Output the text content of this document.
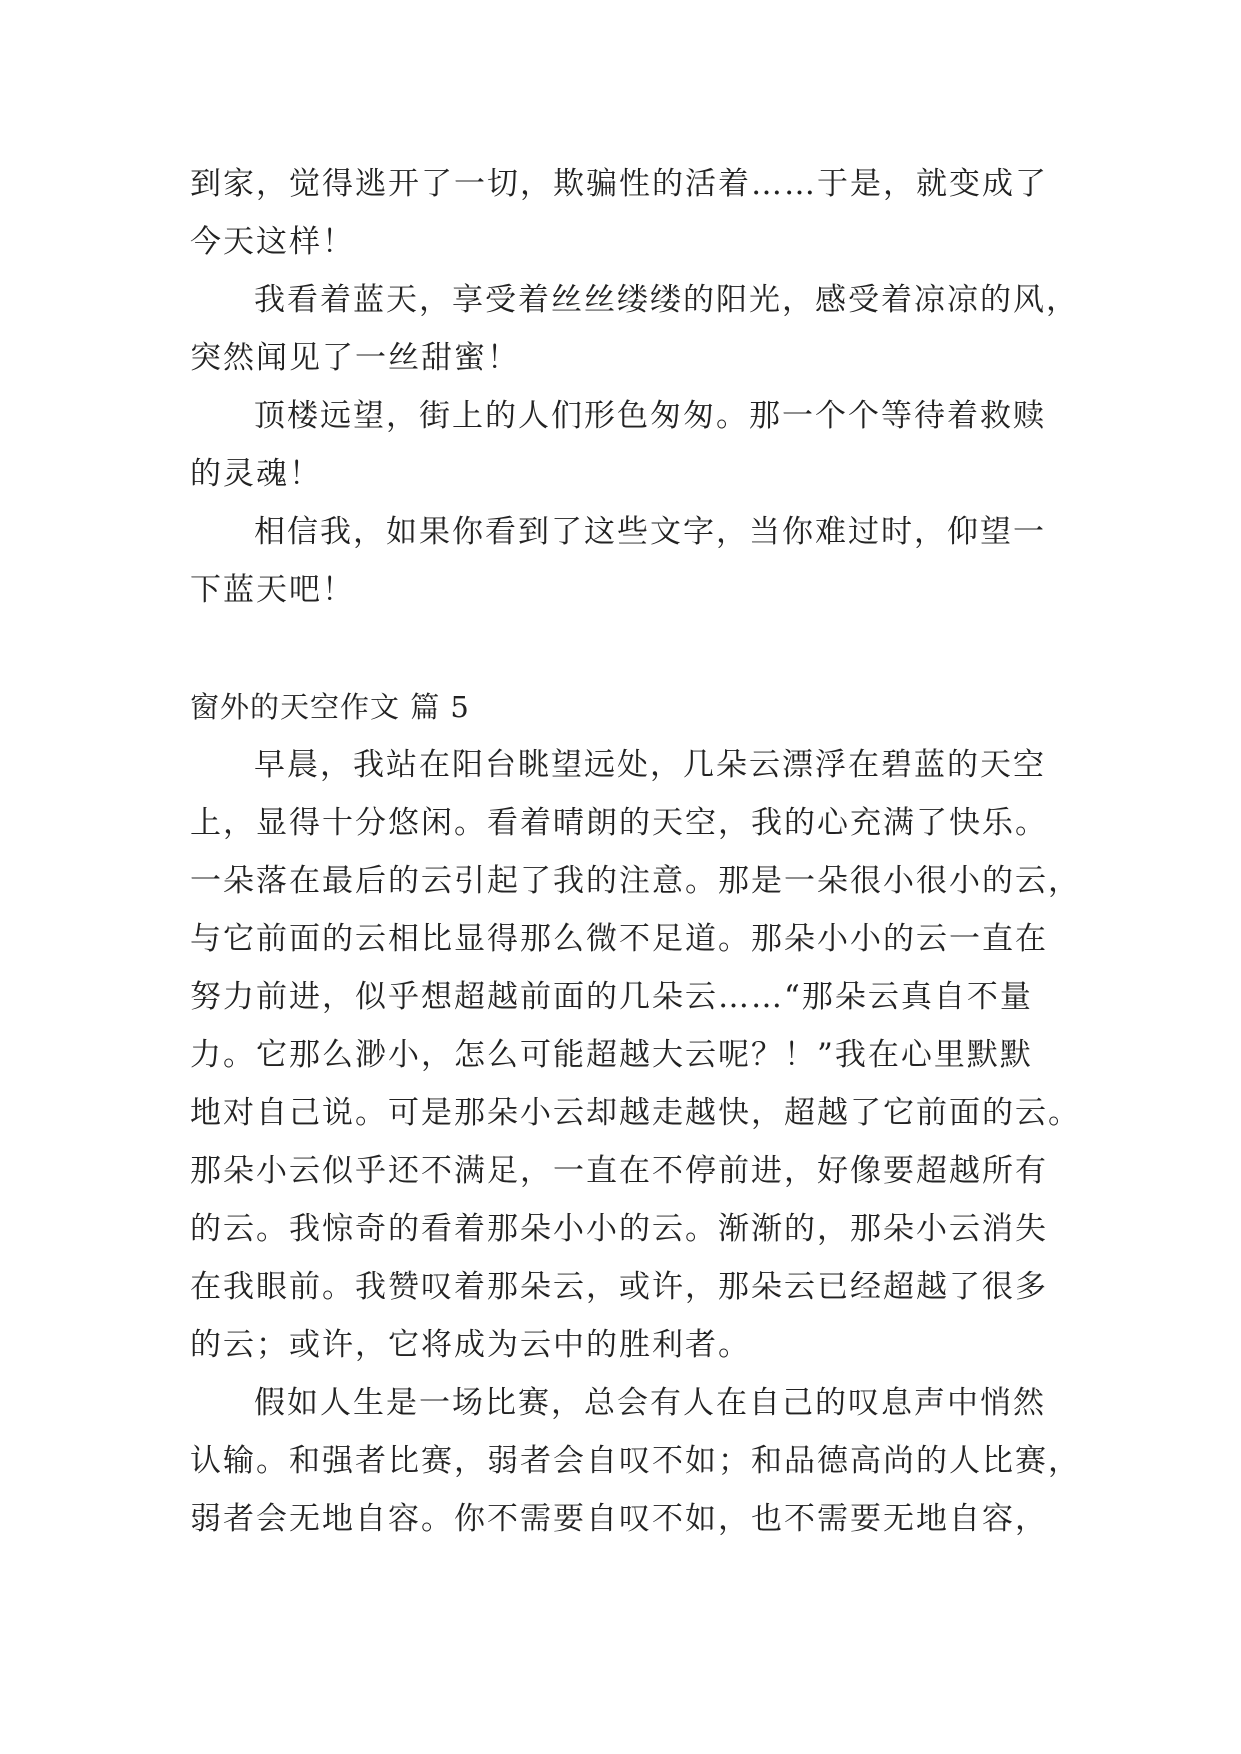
到家，觉得逃开了一切，欺骗性的活着……于是，就变成了
今天这样！
我看着蓝天，享受着丝丝缕缕的阳光，感受着凉凉的风，
突然闻见了一丝甜蜜！
顶楼远望，街上的人们形色匆匆。那一个个等待着救赎
的灵魂！
相信我，如果你看到了这些文字，当你难过时，仰望一
下蓝天吧！
窗外的天空作文 篇 5
早晨，我站在阳台眺望远处，几朵云漂浮在碧蓝的天空
上，显得十分悠闲。看着晴朗的天空，我的心充满了快乐。
一朵落在最后的云引起了我的注意。那是一朵很小很小的云，
与它前面的云相比显得那么微不足道。那朵小小的云一直在
努力前进，似乎想超越前面的几朵云……“那朵云真自不量
力。它那么渺小，怎么可能超越大云呢？！”我在心里默默
地对自己说。可是那朵小云却越走越快，超越了它前面的云。
那朵小云似乎还不满足，一直在不停前进，好像要超越所有
的云。我惊奇的看着那朵小小的云。渐渐的，那朵小云消失
在我眼前。我赞叹着那朵云，或许，那朵云已经超越了很多
的云；或许，它将成为云中的胜利者。
假如人生是一场比赛，总会有人在自己的叹息声中悄然
认输。和强者比赛，弱者会自叹不如；和品德高尚的人比赛，
弱者会无地自容。你不需要自叹不如，也不需要无地自容，
